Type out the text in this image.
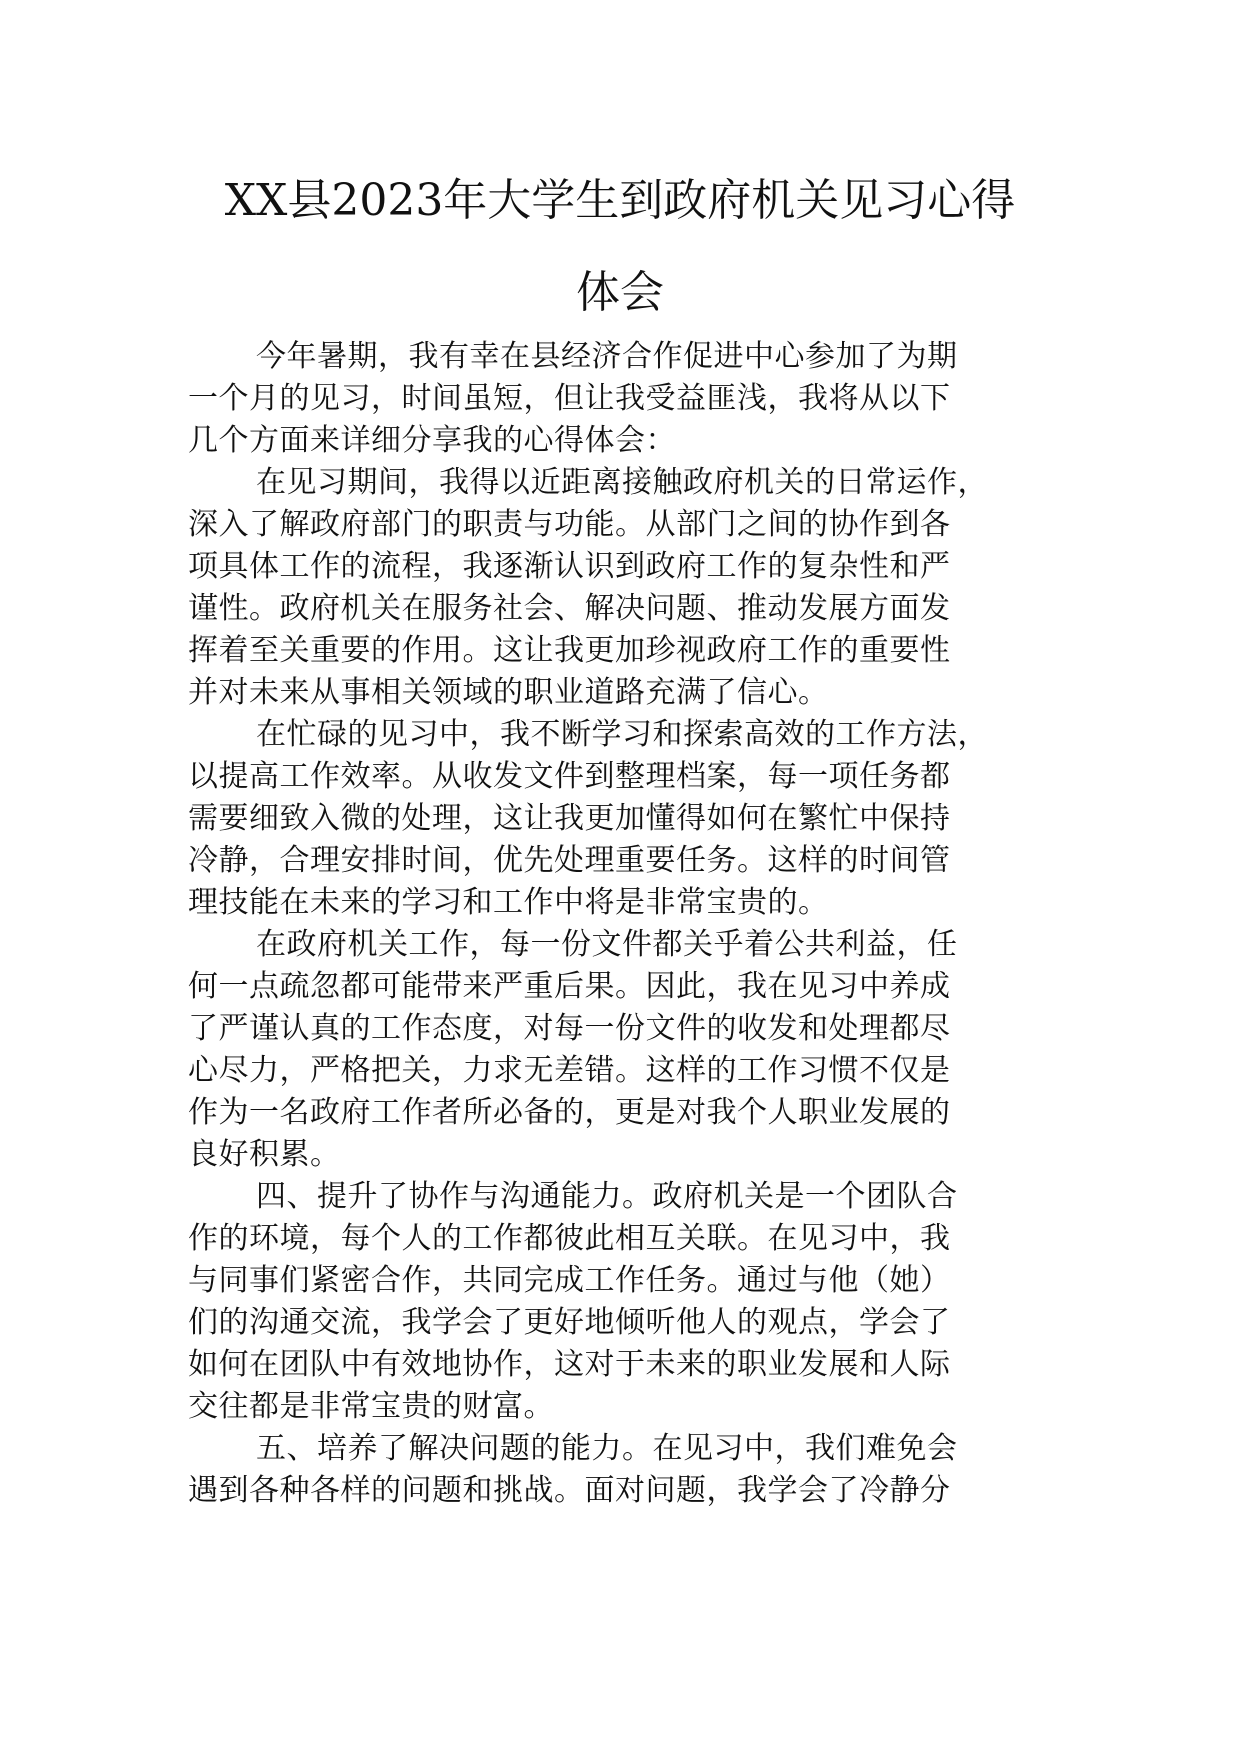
XX县2023年大学生到政府机关见习心得
体会
今年暑期，我有幸在县经济合作促进中心参加了为期
一个月的见习，时间虽短，但让我受益匪浅，我将从以下
几个方面来详细分享我的心得体会：
在见习期间，我得以近距离接触政府机关的日常运作，
深入了解政府部门的职责与功能。从部门之间的协作到各
项具体工作的流程，我逐渐认识到政府工作的复杂性和严
谨性。政府机关在服务社会、解决问题、推动发展方面发
挥着至关重要的作用。这让我更加珍视政府工作的重要性
并对未来从事相关领域的职业道路充满了信心。
在忙碌的见习中，我不断学习和探索高效的工作方法，
以提高工作效率。从收发文件到整理档案，每一项任务都
需要细致入微的处理，这让我更加懂得如何在繁忙中保持
冷静，合理安排时间，优先处理重要任务。这样的时间管
理技能在未来的学习和工作中将是非常宝贵的。
在政府机关工作，每一份文件都关乎着公共利益，任
何一点疏忽都可能带来严重后果。因此，我在见习中养成
了严谨认真的工作态度，对每一份文件的收发和处理都尽
心尽力，严格把关，力求无差错。这样的工作习惯不仅是
作为一名政府工作者所必备的，更是对我个人职业发展的
良好积累。
四、提升了协作与沟通能力。政府机关是一个团队合
作的环境，每个人的工作都彼此相互关联。在见习中，我
与同事们紧密合作，共同完成工作任务。通过与他（她）
们的沟通交流，我学会了更好地倾听他人的观点，学会了
如何在团队中有效地协作，这对于未来的职业发展和人际
交往都是非常宝贵的财富。
五、培养了解决问题的能力。在见习中，我们难免会
遇到各种各样的问题和挑战。面对问题，我学会了冷静分
